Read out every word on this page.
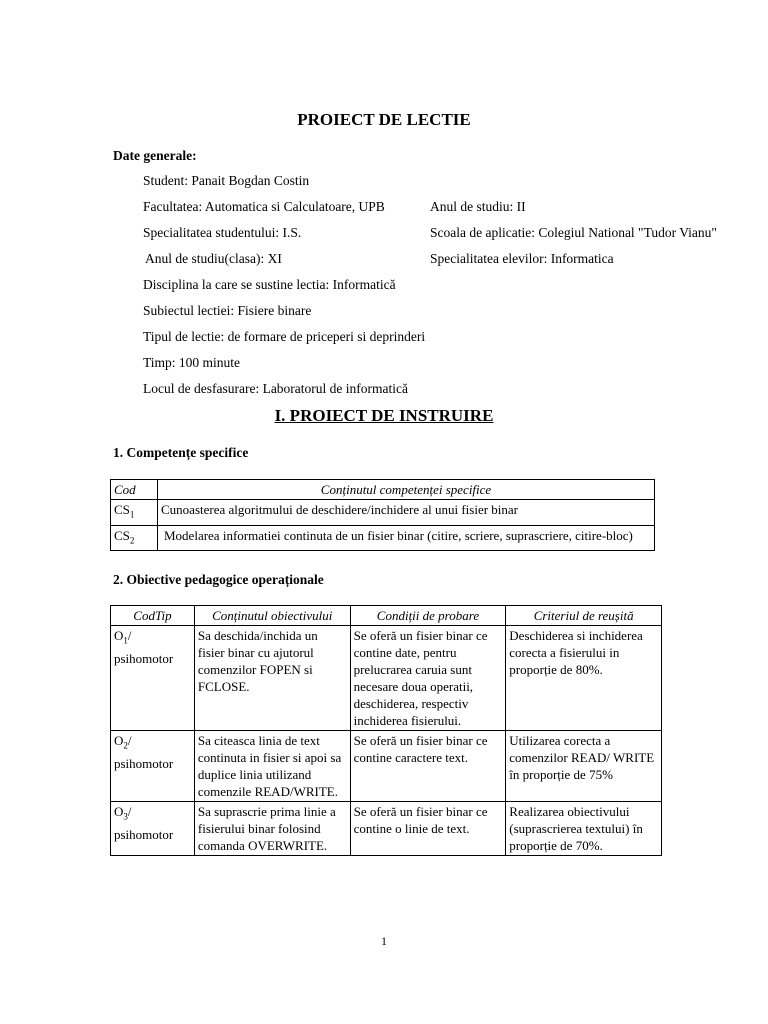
PROIECT DE LECTIE
Date generale:
Student: Panait Bogdan Costin
Facultatea: Automatica si Calculatoare, UPB	Anul de studiu: II
Specialitatea studentului: I.S.	Scoala de aplicatie: Colegiul National "Tudor Vianu"
Anul de studiu(clasa): XI	Specialitatea elevilor: Informatica
Disciplina la care se sustine lectia: Informatică
Subiectul lectiei: Fisiere binare
Tipul de lectie: de formare de priceperi si deprinderi
Timp: 100 minute
Locul de desfasurare: Laboratorul de informatică
I. PROIECT DE INSTRUIRE
1. Competențe specifice
Cod	Conținutul competenței specifice
$CS_1$	Cunoasterea algoritmului de deschidere/inchidere al unui fisier binar
$CS_2$	Modelarea informatiei continuta de un fisier binar (citire, scriere, suprascriere, citire-bloc)
2. Obiective pedagogice operaționale
CodTip	Conținutul obiectivului	Condiții de probare	Criteriul de reușită
$O_1/$ psihomotor	Sa deschida/inchida un fisier binar cu ajutorul comenzilor FOPEN si FCLOSE.	Se oferă un fisier binar ce contine date, pentru prelucrarea caruia sunt necesare doua operatii, deschiderea, respectiv inchiderea fisierului.	Deschiderea si inchiderea corecta a fisierului in proporție de 80%.
$O_2/$ psihomotor	Sa citeasca linia de text continuta in fisier si apoi sa duplice linia utilizand comenzile READ/WRITE.	Se oferă un fisier binar ce contine caractere text.	Utilizarea corecta a comenzilor READ/ WRITE în proporție de 75%
$O_3/$ psihomotor	Sa suprascrie prima linie a fisierului binar folosind comanda OVERWRITE.	Se oferă un fisier binar ce contine o linie de text.	Realizarea obiectivului (suprascrierea textului) în proporție de 70%.
1
